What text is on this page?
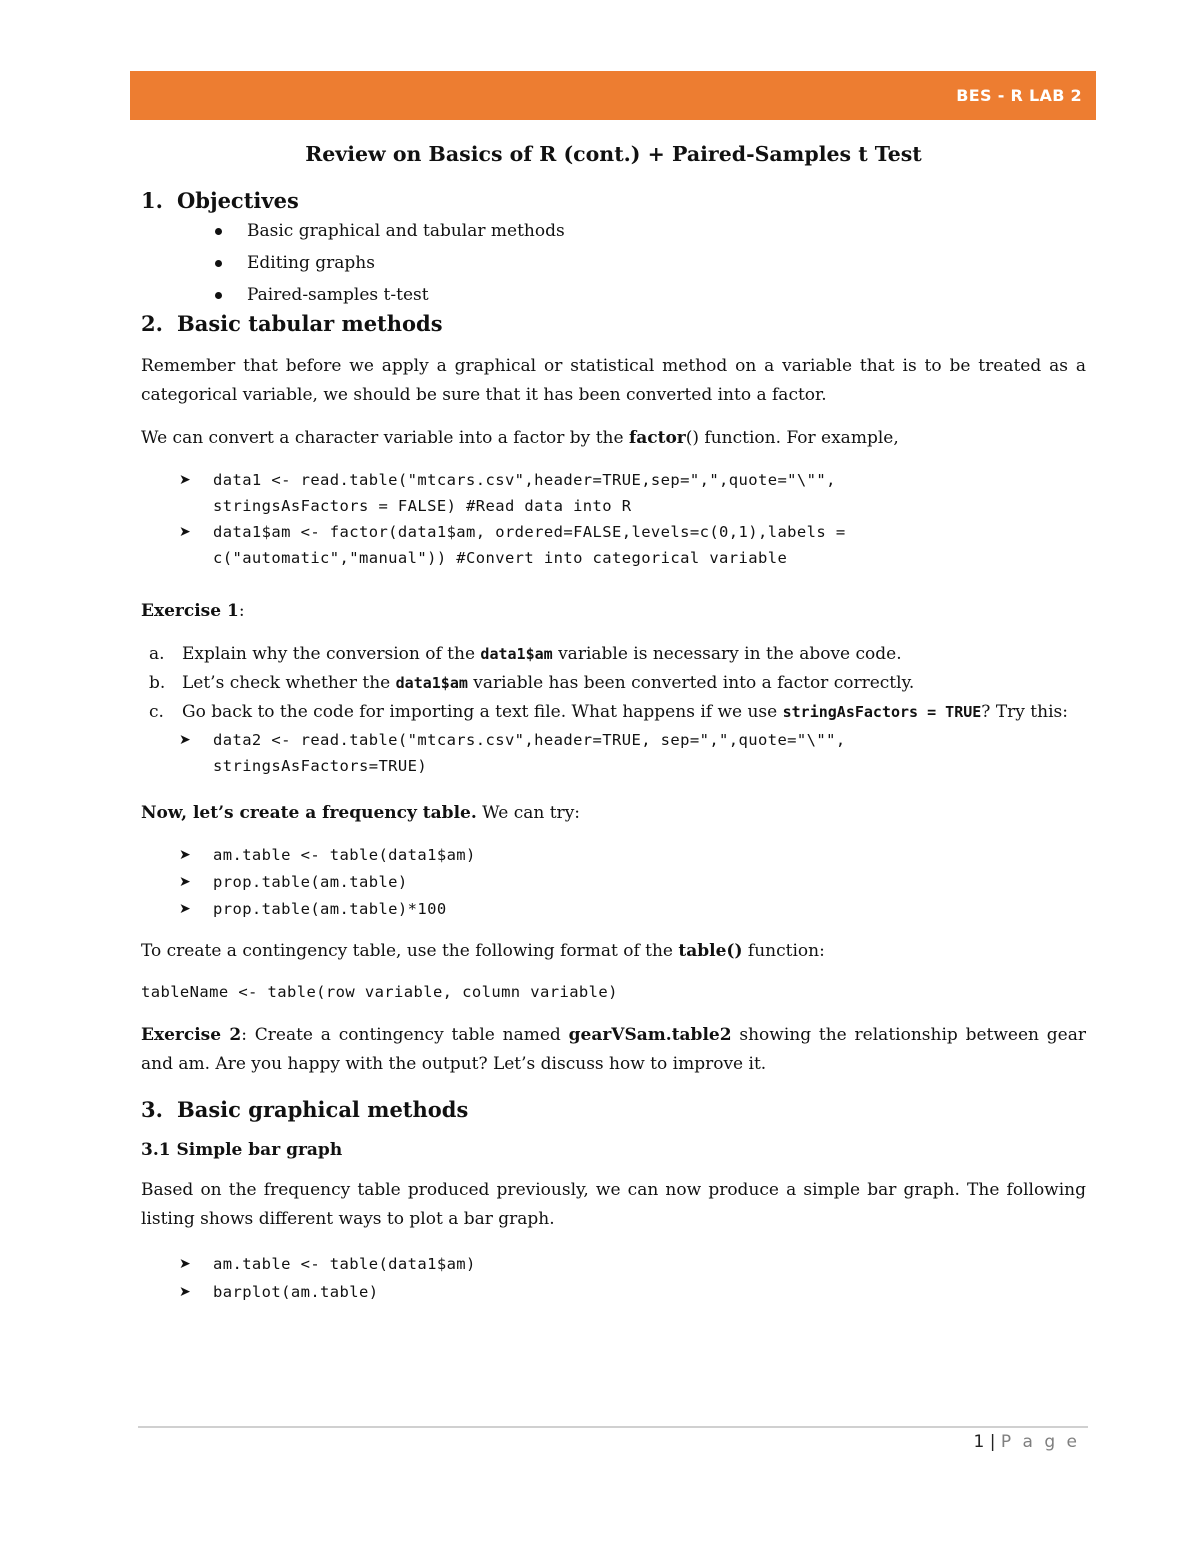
BES - R LAB 2
Review on Basics of R (cont.) + Paired-Samples t Test
1. Objectives
Basic graphical and tabular methods
Editing graphs
Paired-samples t-test
2. Basic tabular methods

Remember that before we apply a graphical or statistical method on a variable that is to be treated as a categorical variable, we should be sure that it has been converted into a factor.

We can convert a character variable into a factor by the factor() function. For example,

➤ data1 <- read.table("mtcars.csv",header=TRUE,sep=",",quote="\"",
stringsAsFactors = FALSE) #Read data into R
➤ data1$am <- factor(data1$am, ordered=FALSE,levels=c(0,1),labels =
c("automatic","manual")) #Convert into categorical variable

Exercise 1:

a. Explain why the conversion of the data1$am variable is necessary in the above code.
b. Let’s check whether the data1$am variable has been converted into a factor correctly.
c. Go back to the code for importing a text file. What happens if we use stringAsFactors = TRUE? Try this:
➤ data2 <- read.table("mtcars.csv",header=TRUE, sep=",",quote="\"",
stringsAsFactors=TRUE)

Now, let’s create a frequency table. We can try:

➤ am.table <- table(data1$am)
➤ prop.table(am.table)
➤ prop.table(am.table)*100

To create a contingency table, use the following format of the table() function:

tableName <- table(row variable, column variable)

Exercise 2: Create a contingency table named gearVSam.table2 showing the relationship between gear and am. Are you happy with the output? Let’s discuss how to improve it.

3. Basic graphical methods
3.1 Simple bar graph

Based on the frequency table produced previously, we can now produce a simple bar graph. The following listing shows different ways to plot a bar graph.

➤ am.table <- table(data1$am)
➤ barplot(am.table)
1 | P a g e
